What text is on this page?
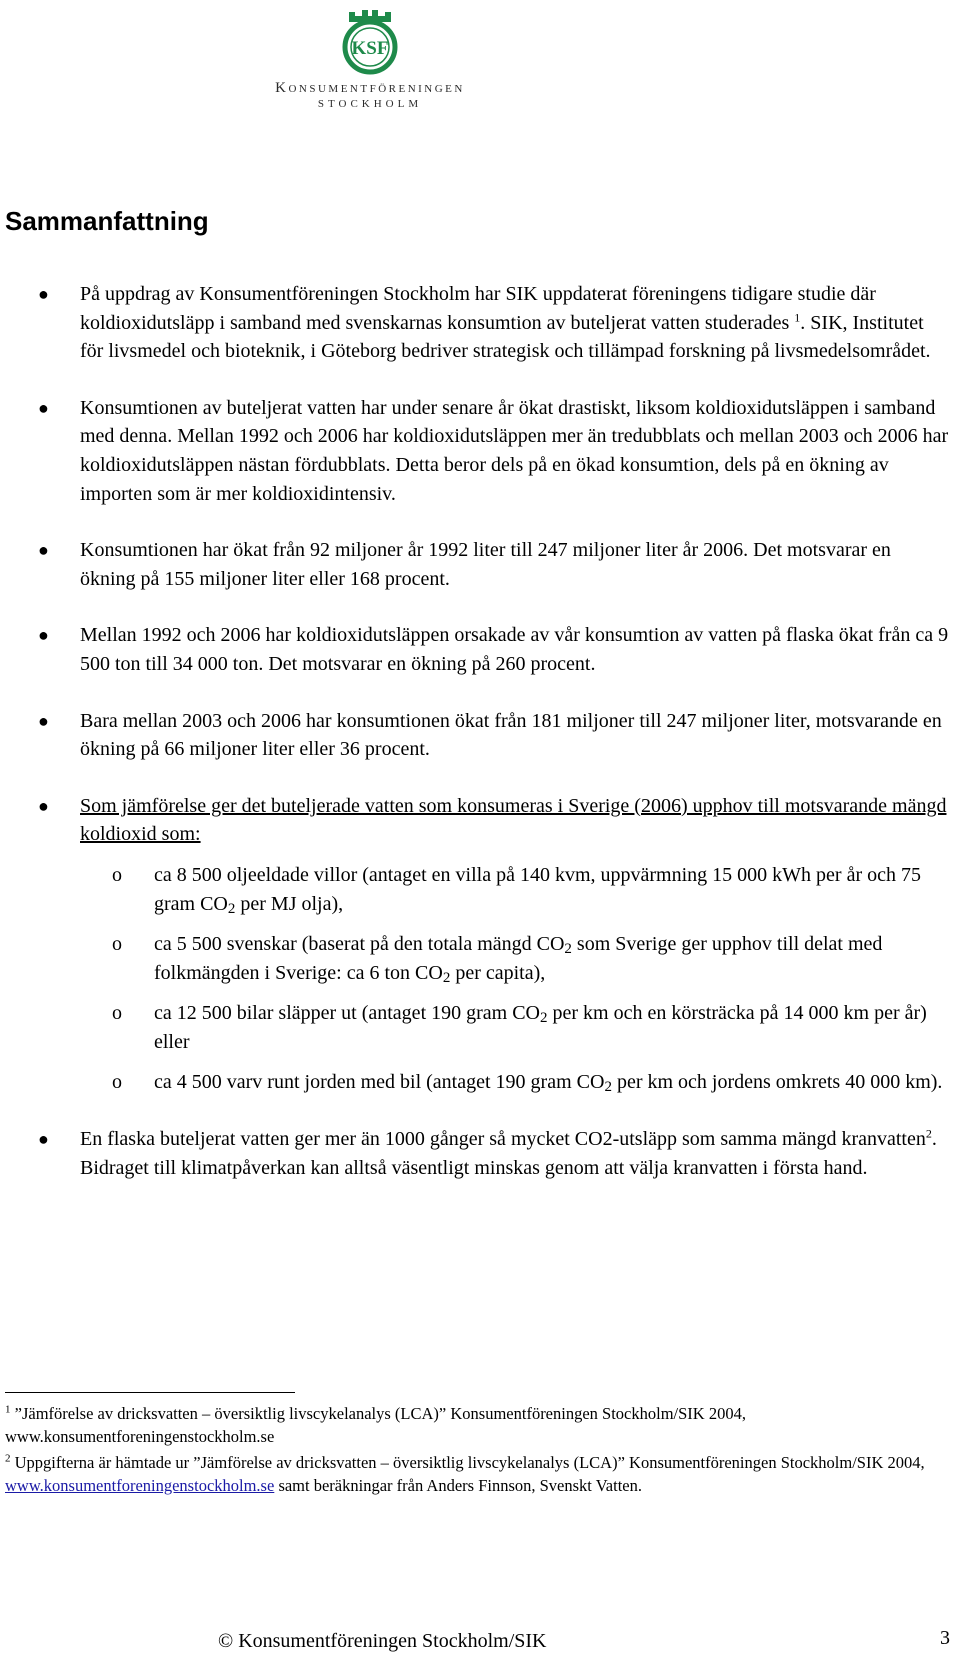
KSF
Konsumentföreningen
STOCKHOLM
Sammanfattning
● På uppdrag av Konsumentföreningen Stockholm har SIK uppdaterat föreningens tidigare studie där koldioxidutsläpp i samband med svenskarnas konsumtion av buteljerat vatten studerades $^1$. SIK, Institutet för livsmedel och bioteknik, i Göteborg bedriver strategisk och tillämpad forskning på livsmedelsområdet.
● Konsumtionen av buteljerat vatten har under senare år ökat drastiskt, liksom koldioxidutsläppen i samband med denna. Mellan 1992 och 2006 har koldioxidutsläppen mer än tredubblats och mellan 2003 och 2006 har koldioxidutsläppen nästan fördubblats. Detta beror dels på en ökad konsumtion, dels på en ökning av importen som är mer koldioxidintensiv.
● Konsumtionen har ökat från 92 miljoner år 1992 liter till 247 miljoner liter år 2006. Det motsvarar en ökning på 155 miljoner liter eller 168 procent.
● Mellan 1992 och 2006 har koldioxidutsläppen orsakade av vår konsumtion av vatten på flaska ökat från ca 9 500 ton till 34 000 ton. Det motsvarar en ökning på 260 procent.
● Bara mellan 2003 och 2006 har konsumtionen ökat från 181 miljoner till 247 miljoner liter, motsvarande en ökning på 66 miljoner liter eller 36 procent.
● Som jämförelse ger det buteljerade vatten som konsumeras i Sverige (2006) upphov till motsvarande mängd koldioxid som:
o ca 8 500 oljeeldade villor (antaget en villa på 140 kvm, uppvärmning 15 000 kWh per år och 75 gram $CO_2$ per MJ olja),
o ca 5 500 svenskar (baserat på den totala mängd $CO_2$ som Sverige ger upphov till delat med folkmängden i Sverige: ca 6 ton $CO_2$ per capita),
o ca 12 500 bilar släpper ut (antaget 190 gram $CO_2$ per km och en körsträcka på 14 000 km per år) eller
o ca 4 500 varv runt jorden med bil (antaget 190 gram $CO_2$ per km och jordens omkrets 40 000 km).
● En flaska buteljerat vatten ger mer än 1000 gånger så mycket CO2-utsläpp som samma mängd kranvatten$^2$. Bidraget till klimatpåverkan kan alltså väsentligt minskas genom att välja kranvatten i första hand.

$^1$ ”Jämförelse av dricksvatten – översiktlig livscykelanalys (LCA)” Konsumentföreningen Stockholm/SIK 2004, www.konsumentforeningenstockholm.se

$^2$ Uppgifterna är hämtade ur ”Jämförelse av dricksvatten – översiktlig livscykelanalys (LCA)” Konsumentföreningen Stockholm/SIK 2004, www.konsumentforeningenstockholm.se samt beräkningar från Anders Finnson, Svenskt Vatten.

© Konsumentföreningen Stockholm/SIK	3
